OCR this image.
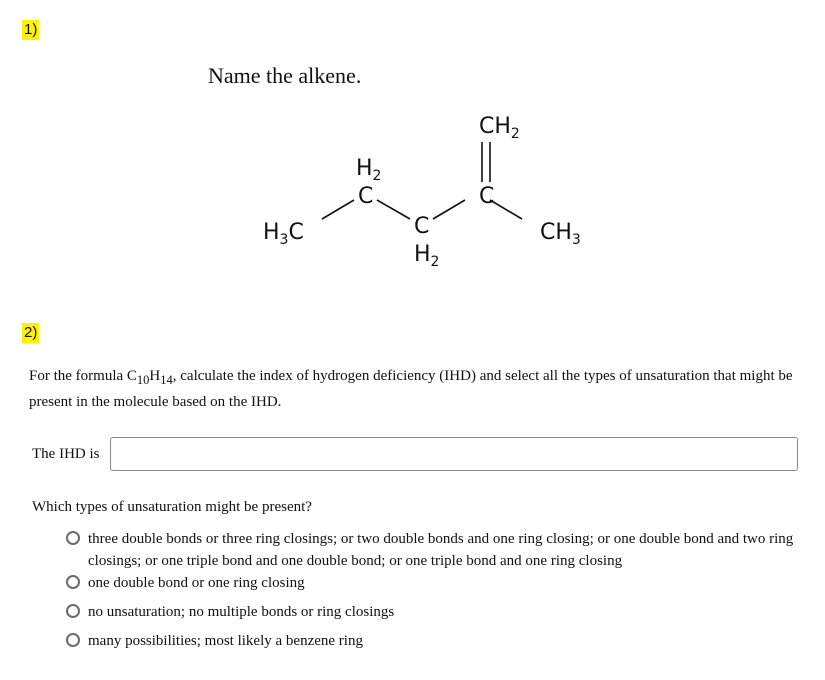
1)
Name the alkene.
$H_3C$
$H_2$
C
C
$H_2$
$CH_2$
C
$CH_3$
2)
For the formula $C_{10}H_{14}$, calculate the index of hydrogen deficiency (IHD) and select all the types of unsaturation that might be present in the molecule based on the IHD.
The IHD is
Which types of unsaturation might be present?
three double bonds or three ring closings; or two double bonds and one ring closing; or one double bond and two ring closings; or one triple bond and one double bond; or one triple bond and one ring closing
one double bond or one ring closing
no unsaturation; no multiple bonds or ring closings
many possibilities; most likely a benzene ring
